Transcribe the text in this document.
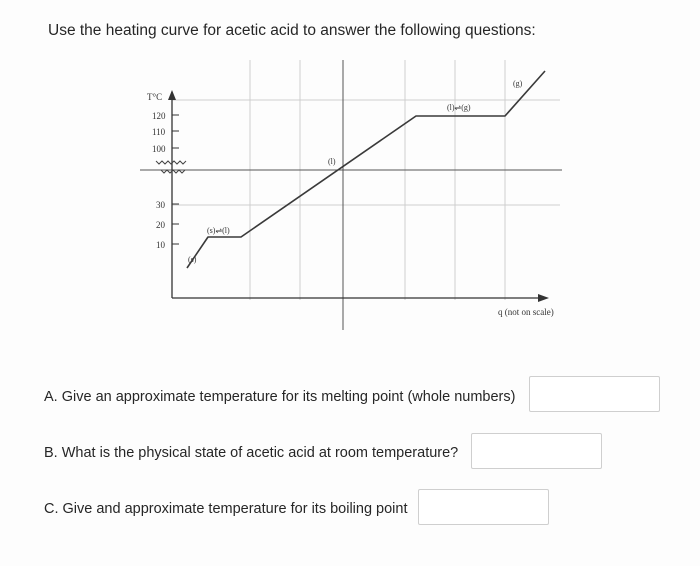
Use the heating curve for acetic acid to answer the following questions:
T°C
120
110
100
30
20
10
q (not on scale)
(s)
(s)⇌(l)
(l)
(l)⇌(g)
(g)
A. Give an approximate temperature for its melting point (whole numbers)
B. What is the physical state of acetic acid at room temperature?
C. Give and approximate temperature for its boiling point
